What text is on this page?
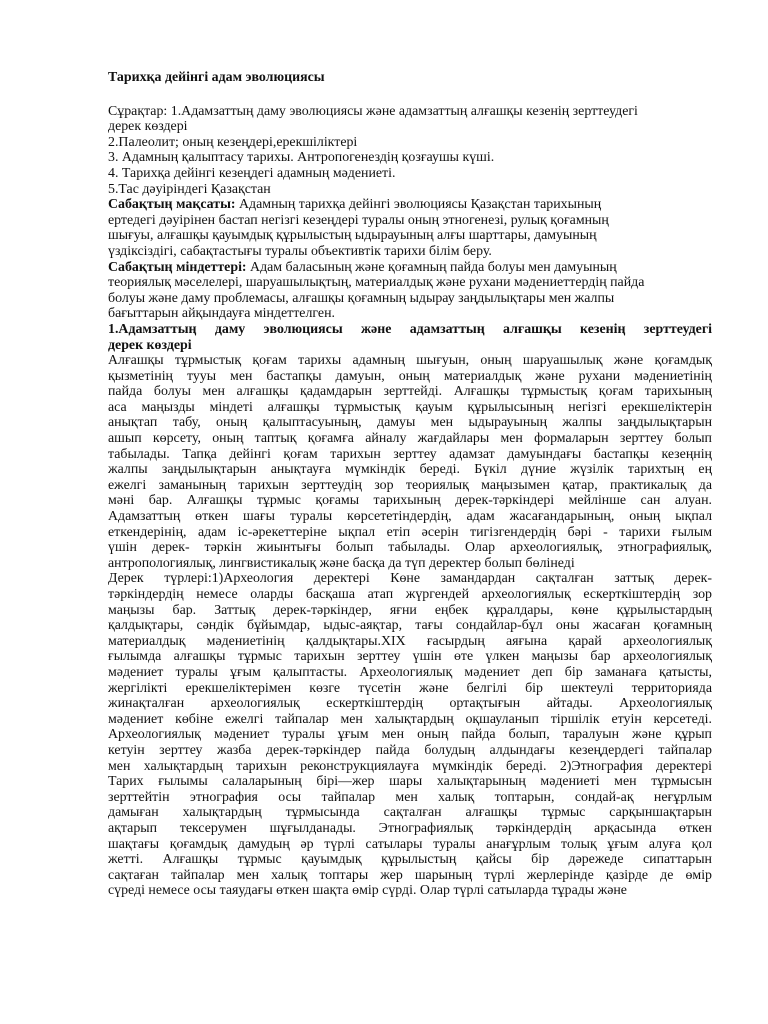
Тарихқа дейінгі адам эволюциясы
Сұрақтар: 1.Адамзаттың даму эволюциясы және адамзаттың алғашқы кезенің зерттеудегі
дерек көздері
2.Палеолит; оның кезеңдері,ерекшіліктері
3. Адамның қалыптасу тарихы. Антропогенездің қозғаушы күші.
4. Тарихқа дейінгі кезеңдегі адамның мәдениеті.
5.Тас дәуіріндегі Қазақстан
Сабақтың мақсаты: Адамның тарихқа дейінгі эволюциясы Қазақстан тарихының
ертедегі дәуірінен бастап негізгі кезеңдері туралы оның этногенезі, рулық қоғамның
шығуы, алғашқы қауымдық құрылыстың ыдырауының алғы шарттары, дамуының
үздіксіздігі, сабақтастығы туралы объективтік тарихи білім беру.
Сабақтың міндеттері: Адам баласының және қоғамның пайда болуы мен дамуының
теориялық мәселелері, шаруашылықтың, материалдық және рухани мәдениеттердің пайда
болуы және даму проблемасы, алғашқы қоғамның ыдырау заңдылықтары мен жалпы
бағыттарын айқындауға міндеттелген.
1.Адамзаттың даму эволюциясы және адамзаттың алғашқы кезенің зерттеудегі
дерек көздері
Алғашқы тұрмыстық қоғам тарихы адамның шығуын, оның шаруашылық және қоғамдық
қызметінің тууы мен бастапқы дамуын, оның материалдық және рухани мәдениетінің
пайда болуы мен алғашқы қадамдарын зерттейді. Алғашқы тұрмыстық қоғам тарихының
аса маңызды міндеті алғашқы тұрмыстық қауым құрылысының негізгі ерекшеліктерін
анықтап табу, оның қалыптасуының, дамуы мен ыдырауының жалпы заңдылықтарын
ашып көрсету, оның таптық қоғамға айналу жағдайлары мен формаларын зерттеу болып
табылады. Тапқа дейінгі қоғам тарихын зерттеу адамзат дамуындағы бастапқы кезеңнің
жалпы заңдылықтарын анықтауға мүмкіндік береді. Бүкіл дүние жүзілік тарихтың ең
ежелгі заманының тарихын зерттеудің зор теориялық маңызымен қатар, практикалық да
мәні бар. Алғашқы тұрмыс қоғамы тарихының дерек-тәркіндері мейлінше сан алуан.
Адамзаттың өткен шағы туралы көрсететіндердің, адам жасағандарының, оның ықпал
еткендерінің, адам іс-әрекеттеріне ықпал етіп әсерін тигізгендердің бәрі - тарихи ғылым
үшін дерек- тәркін жиынтығы болып табылады. Олар археологиялық, этнографиялық,
антропологиялық, лингвистикалық және басқа да түп деректер болып бөлінеді
Дерек түрлері:1)Археология деректері Көне замандардан сақталған заттық дерек-
тәркіндердің немесе оларды басқаша атап жүргендей археологиялық ескерткіштердің зор
маңызы бар. Заттық дерек-тәркіндер, яғни еңбек құралдары, көне құрылыстардың
қалдықтары, сәндік бұйымдар, ыдыс-аяқтар, тағы сондайлар-бұл оны жасаған қоғамның
материалдық мәдениетінің қалдықтары.XIX ғасырдың аяғына қарай археологиялық
ғылымда алғашқы тұрмыс тарихын зерттеу үшін өте үлкен маңызы бар археологиялық
мәдениет туралы ұғым қалыптасты. Археологиялық мәдениет деп бір заманаға қатысты,
жергілікті ерекшеліктерімен көзге түсетін және белгілі бір шектеулі территорияда
жинақталған археологиялық ескерткіштердің ортақтығын айтады. Археологиялық
мәдениет көбіне ежелгі тайпалар мен халықтардың оқшауланып тіршілік етуін керсетеді.
Археологиялық мәдениет туралы ұғым мен оның пайда болып, таралуын және құрып
кетуін зерттеу жазба дерек-тәркіндер пайда болудың алдындағы кезеңдердегі тайпалар
мен халықтардың тарихын реконструкциялауға мүмкіндік береді. 2)Этнография деректері
Тарих ғылымы салаларының бірі—жер шары халықтарының мәдениеті мен тұрмысын
зерттейтін этнография осы тайпалар мен халық топтарын, сондай-ақ неғұрлым
дамыған халықтардың тұрмысында сақталған алғашқы тұрмыс сарқыншақтарын
ақтарып тексерумен шұғылданады. Этнографиялық тәркіндердің арқасында өткен
шақтағы қоғамдық дамудың әр түрлі сатылары туралы анағұрлым толық ұғым алуға қол
жетті. Алғашқы тұрмыс қауымдық құрылыстың қайсы бір дәрежеде сипаттарын
сақтаған тайпалар мен халық топтары жер шарының түрлі жерлерінде қазірде де өмір
сүреді немесе осы таяудағы өткен шақта өмір сүрді. Олар түрлі сатыларда тұрады және
